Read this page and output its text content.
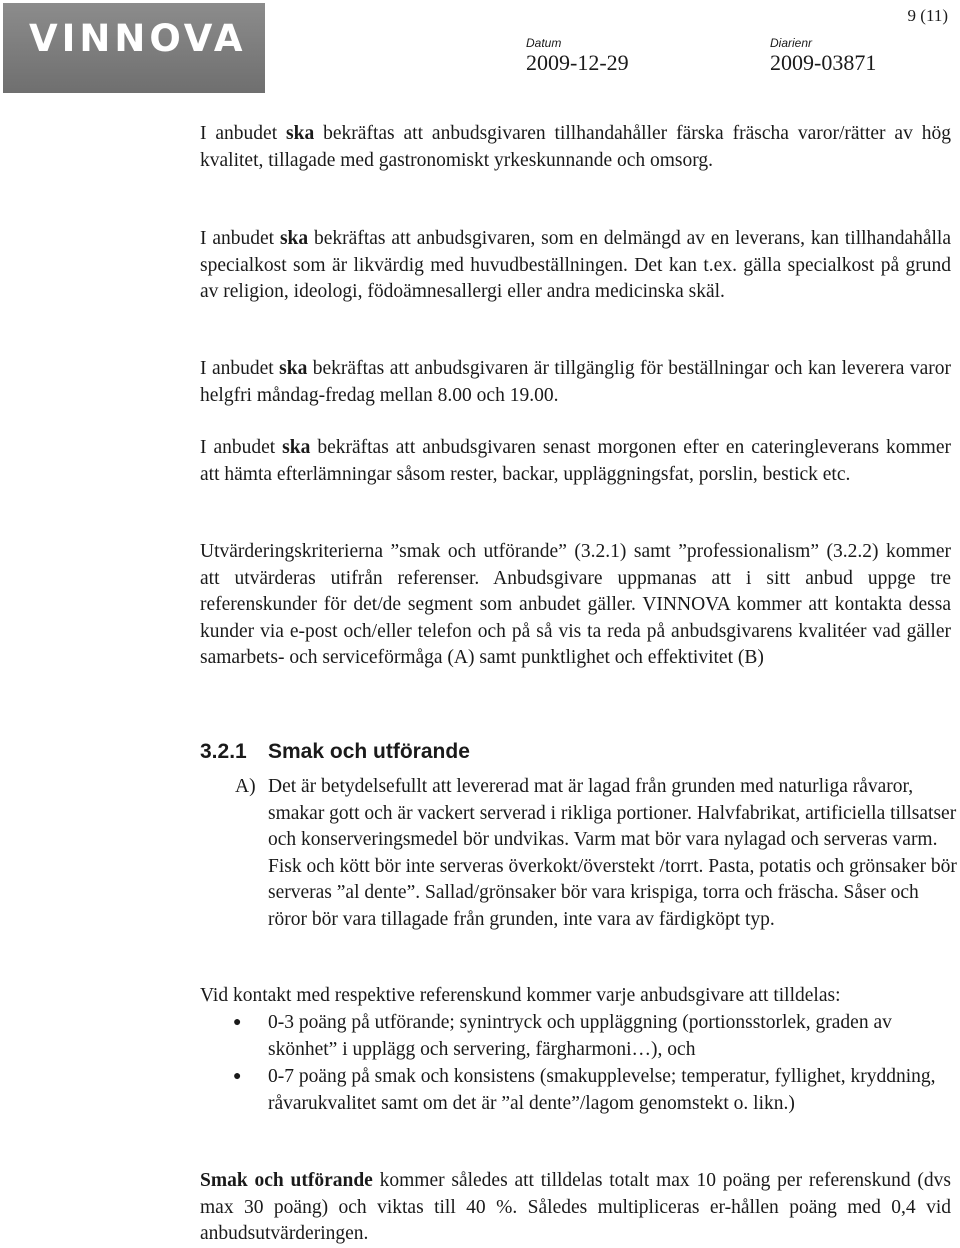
VINNOVA
9 (11)
Datum
2009-12-29
Diarienr
2009-03871

I anbudet ska bekräftas att anbudsgivaren tillhandahåller färska fräscha varor/rätter av hög kvalitet, tillagade med gastronomiskt yrkeskunnande och omsorg.

I anbudet ska bekräftas att anbudsgivaren, som en delmängd av en leverans, kan tillhandahålla specialkost som är likvärdig med huvudbeställningen. Det kan t.ex. gälla specialkost på grund av religion, ideologi, födoämnesallergi eller andra medicinska skäl.

I anbudet ska bekräftas att anbudsgivaren är tillgänglig för beställningar och kan leverera varor helgfri måndag-fredag mellan 8.00 och 19.00.

I anbudet ska bekräftas att anbudsgivaren senast morgonen efter en cateringleverans kommer att hämta efterlämningar såsom rester, backar, uppläggningsfat, porslin, bestick etc.

Utvärderingskriterierna ”smak och utförande” (3.2.1) samt ”professionalism” (3.2.2) kommer att utvärderas utifrån referenser. Anbudsgivare uppmanas att i sitt anbud uppge tre referenskunder för det/de segment som anbudet gäller. VINNOVA kommer att kontakta dessa kunder via e-post och/eller telefon och på så vis ta reda på anbudsgivarens kvalitéer vad gäller samarbets- och serviceförmåga (A) samt punktlighet och effektivitet (B)

3.2.1 Smak och utförande
A) Det är betydelsefullt att levererad mat är lagad från grunden med naturliga råvaror, smakar gott och är vackert serverad i rikliga portioner. Halvfabrikat, artificiella tillsatser och konserveringsmedel bör undvikas. Varm mat bör vara nylagad och serveras varm. Fisk och kött bör inte serveras överkokt/överstekt /torrt. Pasta, potatis och grönsaker bör serveras ”al dente”. Sallad/grönsaker bör vara krispiga, torra och fräscha. Såser och röror bör vara tillagade från grunden, inte vara av färdigköpt typ.

Vid kontakt med respektive referenskund kommer varje anbudsgivare att tilldelas:

● 0-3 poäng på utförande; synintryck och uppläggning (portionsstorlek, graden av skönhet” i upplägg och servering, färgharmoni…), och

● 0-7 poäng på smak och konsistens (smakupplevelse; temperatur, fyllighet, kryddning, råvarukvalitet samt om det är ”al dente”/lagom genomstekt o. likn.)

Smak och utförande kommer således att tilldelas totalt max 10 poäng per referenskund (dvs max 30 poäng) och viktas till 40 %. Således multipliceras er-hållen poäng med 0,4 vid anbudsutvärderingen.
